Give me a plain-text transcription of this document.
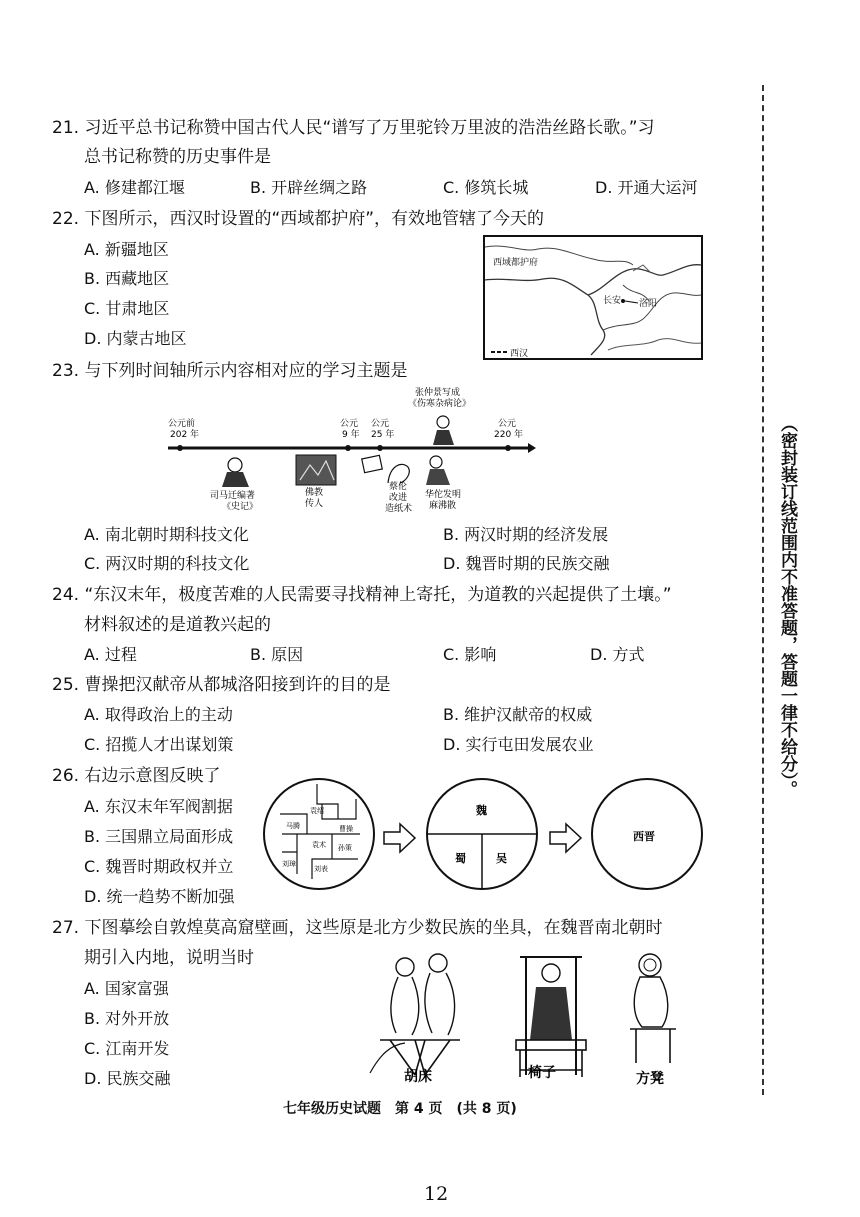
（密封装订线范围内不准答题，答题一律不给分）。
21. 习近平总书记称赞中国古代人民“谱写了万里驼铃万里波的浩浩丝路长歌。”习
总书记称赞的历史事件是
A. 修建都江堰	B. 开辟丝绸之路	C. 修筑长城	D. 开通大运河
22. 下图所示，西汉时设置的“西域都护府”，有效地管辖了今天的
A. 新疆地区
B. 西藏地区
C. 甘肃地区
D. 内蒙古地区
西域都护府
长安 洛阳
西汉
23. 与下列时间轴所示内容相对应的学习主题是
公元前
202 年
公元
9 年
公元
25 年
公元
220 年
张仲景写成
《伤寒杂病论》
司马迁编著
《史记》
佛教
传人
蔡伦
改进
造纸术
华佗发明
麻沸散
A. 南北朝时期科技文化	B. 两汉时期的经济发展
C. 两汉时期的科技文化	D. 魏晋时期的民族交融
24. “东汉末年，极度苦难的人民需要寻找精神上寄托，为道教的兴起提供了土壤。”
材料叙述的是道教兴起的
A. 过程	B. 原因	C. 影响	D. 方式
25. 曹操把汉献帝从都城洛阳接到许的目的是
A. 取得政治上的主动	B. 维护汉献帝的权威
C. 招揽人才出谋划策	D. 实行屯田发展农业
26. 右边示意图反映了
A. 东汉末年军阀割据
B. 三国鼎立局面形成
C. 魏晋时期政权并立
D. 统一趋势不断加强
袁绍
曹操
马腾
袁术
刘表
孙策
刘璋
魏
蜀	吴
西晋
27. 下图摹绘自敦煌莫高窟壁画，这些原是北方少数民族的坐具，在魏晋南北朝时
期引入内地，说明当时
A. 国家富强
B. 对外开放
C. 江南开发
D. 民族交融	胡床	椅子	方凳
七年级历史试题　第 4 页　(共 8 页)
12
